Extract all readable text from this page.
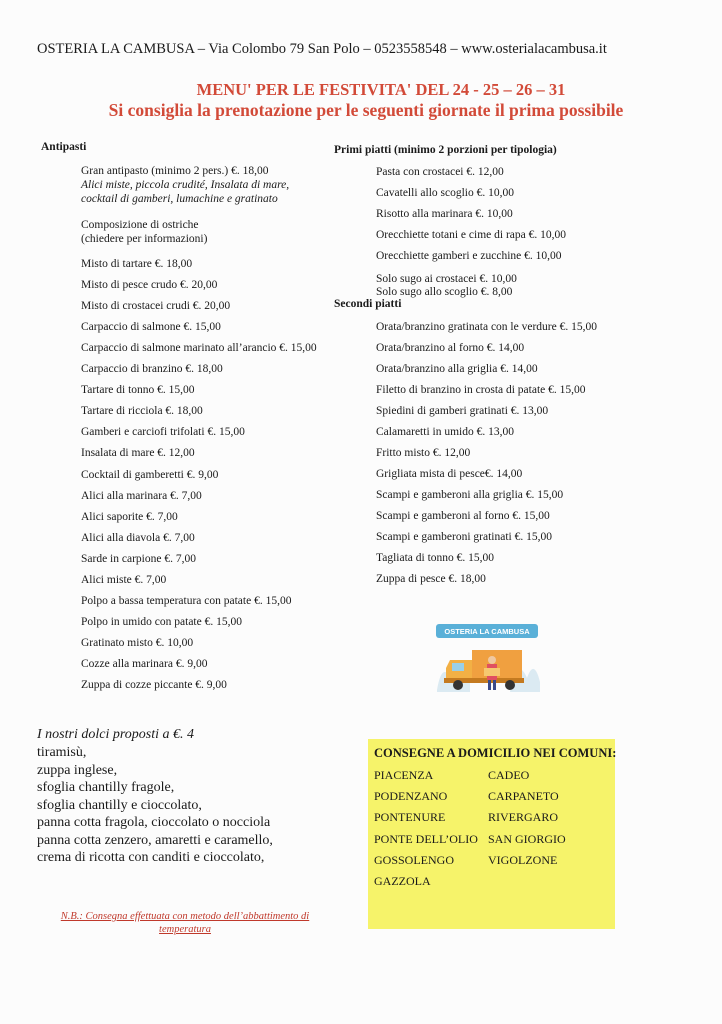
OSTERIA LA CAMBUSA – Via Colombo 79 San Polo – 0523558548 – www.osterialacambusa.it
MENU' PER LE FESTIVITA' DEL 24 - 25 – 26 – 31
Si consiglia la prenotazione per le seguenti giornate il prima possibile
Antipasti
Gran antipasto (minimo 2 pers.) €. 18,00
Alici miste, piccola crudité, Insalata di mare,
cocktail di gamberi, lumachine e gratinato
Composizione di ostriche
(chiedere per informazioni)
Misto di tartare €. 18,00
Misto di pesce crudo €. 20,00
Misto di crostacei crudi €. 20,00
Carpaccio di salmone €. 15,00
Carpaccio di salmone marinato all’arancio €. 15,00
Carpaccio di branzino €. 18,00
Tartare di tonno €. 15,00
Tartare di ricciola €. 18,00
Gamberi e carciofi trifolati €. 15,00
Insalata di mare €. 12,00
Cocktail di gamberetti €. 9,00
Alici alla marinara €. 7,00
Alici saporite €. 7,00
Alici alla diavola €. 7,00
Sarde in carpione €. 7,00
Alici miste €. 7,00
Polpo a bassa temperatura con patate €. 15,00
Polpo in umido con patate €. 15,00
Gratinato misto €. 10,00
Cozze alla marinara €. 9,00
Zuppa di cozze piccante €. 9,00
Primi piatti (minimo 2 porzioni per tipologia)
Pasta con crostacei €. 12,00
Cavatelli allo scoglio €. 10,00
Risotto alla marinara €. 10,00
Orecchiette totani e cime di rapa €. 10,00
Orecchiette gamberi e zucchine €. 10,00
Solo sugo ai crostacei €. 10,00
Solo sugo allo scoglio €. 8,00
Secondi piatti
Orata/branzino gratinata con le verdure €. 15,00
Orata/branzino al forno €. 14,00
Orata/branzino alla griglia €. 14,00
Filetto di branzino in crosta di patate €. 15,00
Spiedini di gamberi gratinati €. 13,00
Calamaretti in umido €. 13,00
Fritto misto €. 12,00
Grigliata mista di pesce€. 14,00
Scampi e gamberoni alla griglia €. 15,00
Scampi e gamberoni al forno €. 15,00
Scampi e gamberoni gratinati €. 15,00
Tagliata di tonno €. 15,00
Zuppa di pesce €. 18,00
OSTERIA LA CAMBUSA
I nostri dolci proposti a €. 4
tiramisù,
zuppa inglese,
sfoglia chantilly fragole,
sfoglia chantilly e cioccolato,
panna cotta fragola, cioccolato o nocciola
panna cotta zenzero, amaretti e caramello,
crema di ricotta con canditi e cioccolato,
N.B.: Consegna effettuata con metodo dell’abbattimento di temperatura
CONSEGNE A DOMICILIO NEI COMUNI:
PIACENZA
PODENZANO
PONTENURE
PONTE DELL’OLIO
GOSSOLENGO
GAZZOLA
CADEO
CARPANETO
RIVERGARO
SAN GIORGIO
VIGOLZONE
